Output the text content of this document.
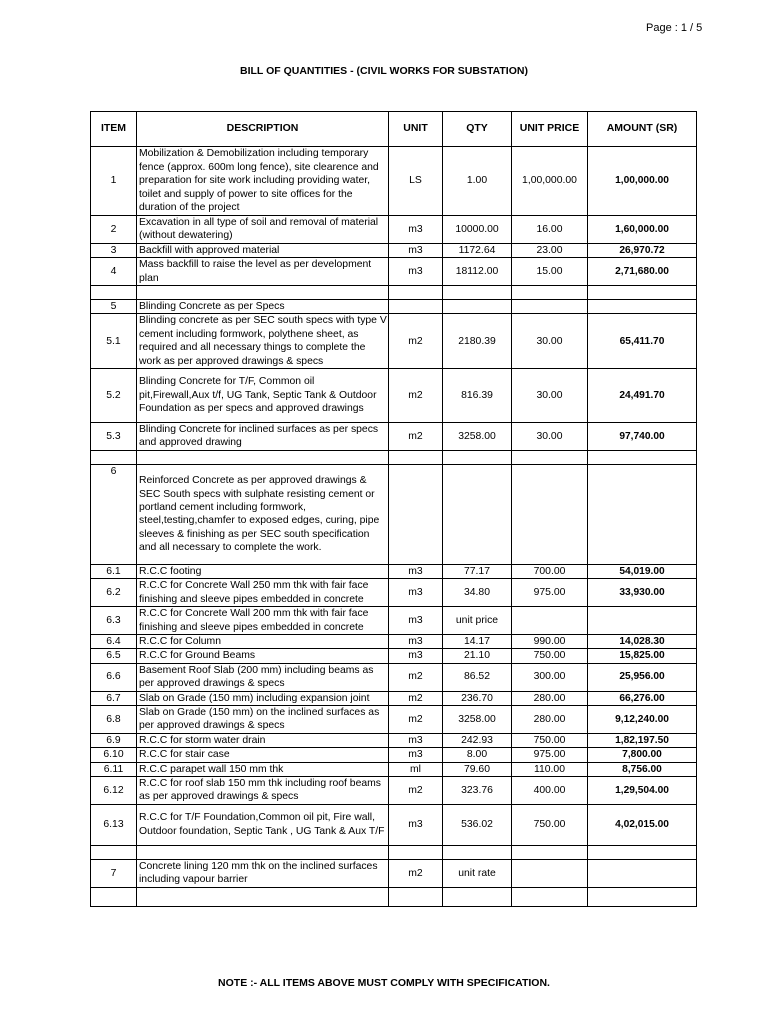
Page : 1 / 5
BILL OF QUANTITIES - (CIVIL WORKS FOR SUBSTATION)
ITEM	DESCRIPTION	UNIT	QTY	UNIT PRICE	AMOUNT (SR)
1	Mobilization & Demobilization including temporary fence (approx. 600m long fence), site clearence and preparation for site work including providing water, toilet and supply of power to site offices for the duration of the project	LS	1.00	1,00,000.00	1,00,000.00
2	Excavation in all type of soil and removal of material (without dewatering)	m3	10000.00	16.00	1,60,000.00
3	Backfill with approved material	m3	1172.64	23.00	26,970.72
4	Mass backfill to raise the level as per development plan	m3	18112.00	15.00	2,71,680.00

5	Blinding Concrete as per Specs				
5.1	Blinding concrete as per SEC south specs with type V cement including formwork, polythene sheet, as required and all necessary things to complete the work as per approved drawings & specs	m2	2180.39	30.00	65,411.70
5.2	Blinding Concrete for T/F, Common oil pit,Firewall,Aux t/f, UG Tank, Septic Tank & Outdoor Foundation as per specs and approved drawings	m2	816.39	30.00	24,491.70
5.3	Blinding Concrete for inclined surfaces as per specs and approved drawing	m2	3258.00	30.00	97,740.00

6	Reinforced Concrete as per approved drawings & SEC South specs with sulphate resisting cement or portland cement including formwork, steel,testing,chamfer to exposed edges, curing, pipe sleeves & finishing as per SEC south specification and all necessary to complete the work.				
6.1	R.C.C footing	m3	77.17	700.00	54,019.00
6.2	R.C.C for Concrete Wall 250 mm thk with fair face finishing and sleeve pipes embedded in concrete	m3	34.80	975.00	33,930.00
6.3	R.C.C for Concrete Wall 200 mm thk with fair face finishing and sleeve pipes embedded in concrete	m3	unit price		
6.4	R.C.C for Column	m3	14.17	990.00	14,028.30
6.5	R.C.C for Ground Beams	m3	21.10	750.00	15,825.00
6.6	Basement Roof Slab (200 mm) including beams as per approved drawings & specs	m2	86.52	300.00	25,956.00
6.7	Slab on Grade (150 mm) including expansion joint	m2	236.70	280.00	66,276.00
6.8	Slab on Grade (150 mm) on the inclined surfaces as per approved drawings & specs	m2	3258.00	280.00	9,12,240.00
6.9	R.C.C for storm water drain	m3	242.93	750.00	1,82,197.50
6.10	R.C.C for stair case	m3	8.00	975.00	7,800.00
6.11	R.C.C parapet wall 150 mm thk	ml	79.60	110.00	8,756.00
6.12	R.C.C for roof slab 150 mm thk including roof beams as per approved drawings & specs	m2	323.76	400.00	1,29,504.00
6.13	R.C.C for T/F Foundation,Common oil pit, Fire wall, Outdoor foundation, Septic Tank , UG Tank & Aux T/F	m3	536.02	750.00	4,02,015.00

7	Concrete lining 120 mm thk on the inclined surfaces including vapour barrier	m2	unit rate		

NOTE :- ALL ITEMS ABOVE MUST COMPLY WITH SPECIFICATION.
